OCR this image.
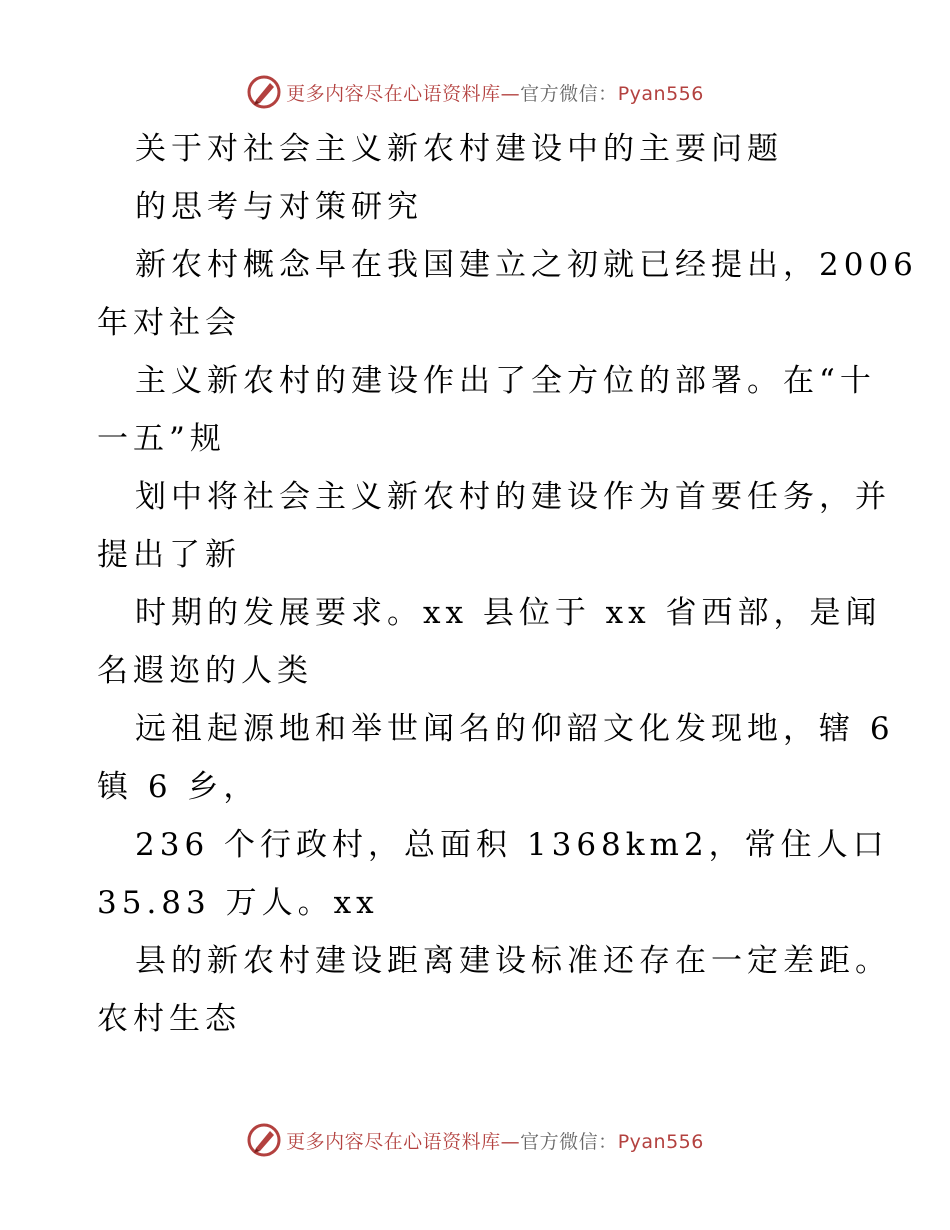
更多内容尽在心语资料库—官方微信：Pyan556
关于对社会主义新农村建设中的主要问题
的思考与对策研究
新农村概念早在我国建立之初就已经提出，2006
年对社会
主义新农村的建设作出了全方位的部署。在“十
一五”规
划中将社会主义新农村的建设作为首要任务，并
提出了新
时期的发展要求。xx 县位于 xx 省西部，是闻
名遐迩的人类
远祖起源地和举世闻名的仰韶文化发现地，辖 6
镇 6 乡，
236 个行政村，总面积 1368km2，常住人口
35.83 万人。xx
县的新农村建设距离建设标准还存在一定差距。
农村生态
更多内容尽在心语资料库—官方微信：Pyan556
